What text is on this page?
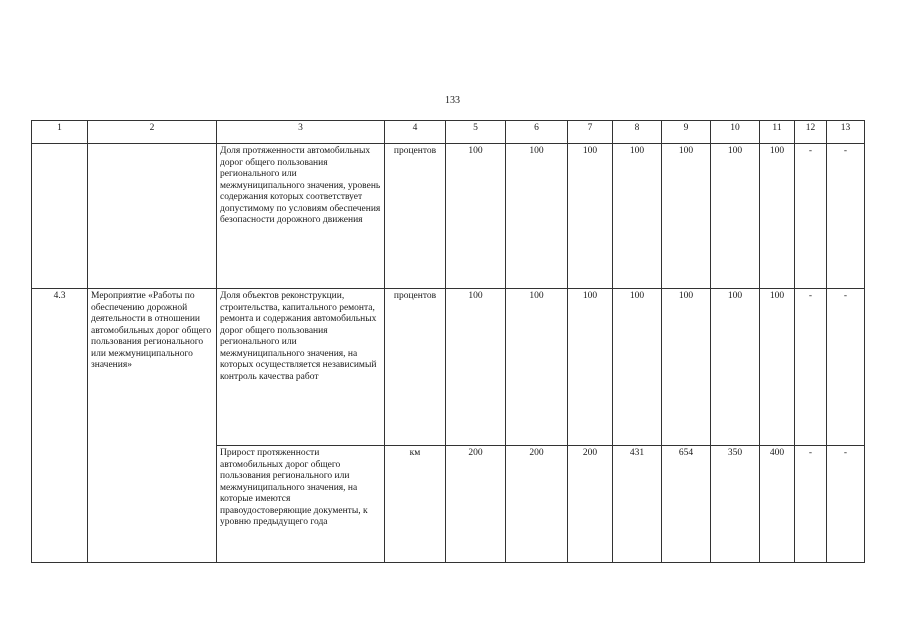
133
1	2	3	4	5	6	7	8	9	10	11	12	13
		Доля протяженности автомобильных дорог общего пользования регионального или межмуниципального значения, уровень содержания которых соответствует допустимому по условиям обеспечения безопасности дорожного движения	процентов	100	100	100	100	100	100	100	-	-
4.3	Мероприятие «Работы по обеспечению дорожной деятельности в отношении автомобильных дорог общего пользования регионального или межмуниципального значения»	Доля объектов реконструкции, строительства, капитального ремонта, ремонта и содержания автомобильных дорог общего пользования регионального или межмуниципального значения, на которых осуществляется независимый контроль качества работ	процентов	100	100	100	100	100	100	100	-	-
		Прирост протяженности автомобильных дорог общего пользования регионального или межмуниципального значения, на которые имеются правоудостоверяющие документы, к уровню предыдущего года	км	200	200	200	431	654	350	400	-	-
